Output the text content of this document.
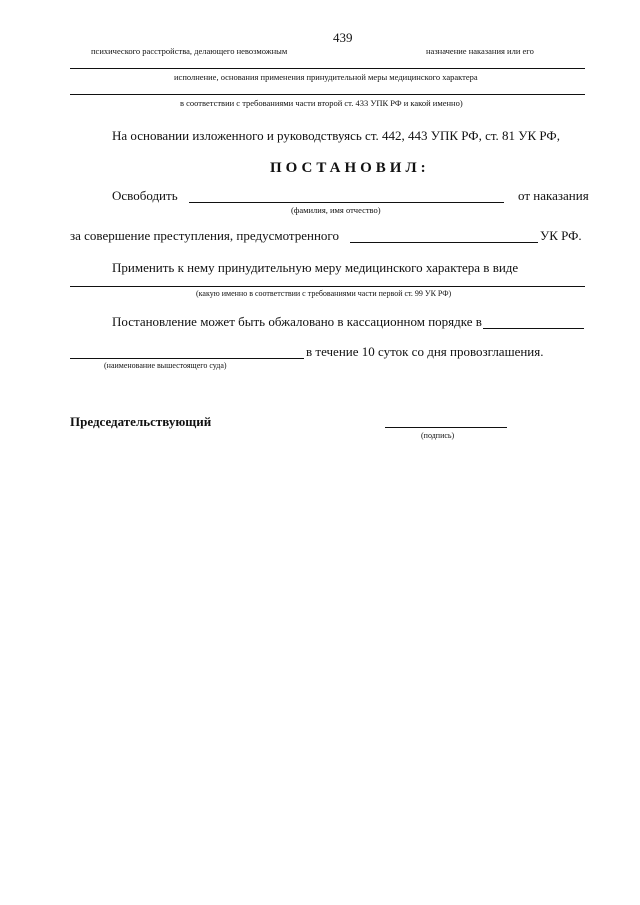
439
психического расстройства, делающего невозможным	назначение наказания или его
исполнение, основания применения принудительной меры медицинского характера
в соответствии с требованиями части второй ст. 433 УПК РФ и какой именно)
На основании изложенного и руководствуясь ст. 442, 443 УПК РФ, ст. 81 УК РФ,
ПОСТАНОВИЛ:
Освободить	от наказания
(фамилия, имя отчество)
за совершение преступления, предусмотренного	УК РФ.
Применить к нему принудительную меру медицинского характера в виде
(какую именно в соответствии с требованиями части первой ст. 99 УК РФ)
Постановление может быть обжаловано в кассационном порядке в
в течение 10 суток со дня провозглашения.
(наименование вышестоящего суда)
Председательствующий
(подпись)
